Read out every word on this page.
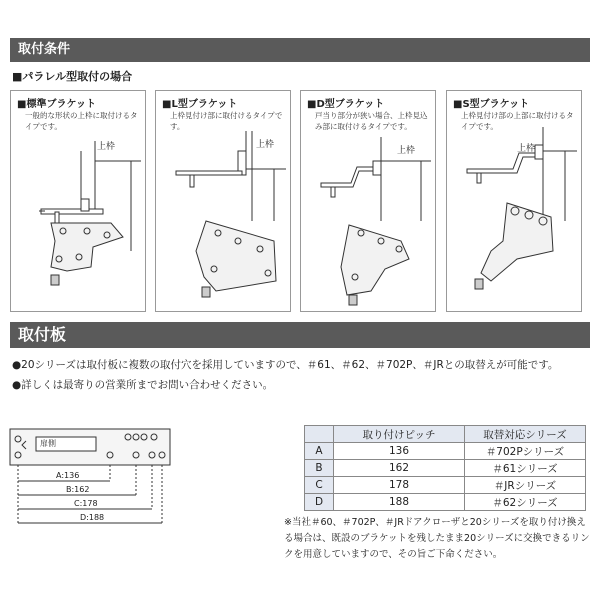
取付条件
■パラレル型取付の場合
■標準ブラケット
一般的な形状の上枠に取付けるタイプです。
上枠
■L型ブラケット
上枠見付け部に取付けるタイプです。
上枠
■D型ブラケット
戸当り部分が狭い場合、上枠見込み部に取付けるタイプです。
上枠
■S型ブラケット
上枠見付け部の上部に取付けるタイプです。
上枠
取付板
●20シリーズは取付板に複数の取付穴を採用していますので、＃61、＃62、＃702P、＃JRとの取替えが可能です。
●詳しくは最寄りの営業所までお問い合わせください。
扉側
A:136
B:162
C:178
D:188
	取り付けピッチ	取替対応シリーズ
A	136	＃702Pシリーズ
B	162	＃61シリーズ
C	178	＃JRシリーズ
D	188	＃62シリーズ
※当社＃60、＃702P、＃JRドアクローザと20シリーズを取り付け換える場合は、既設のブラケットを残したまま20シリーズに交換できるリンクを用意していますので、その旨ご下命ください。
